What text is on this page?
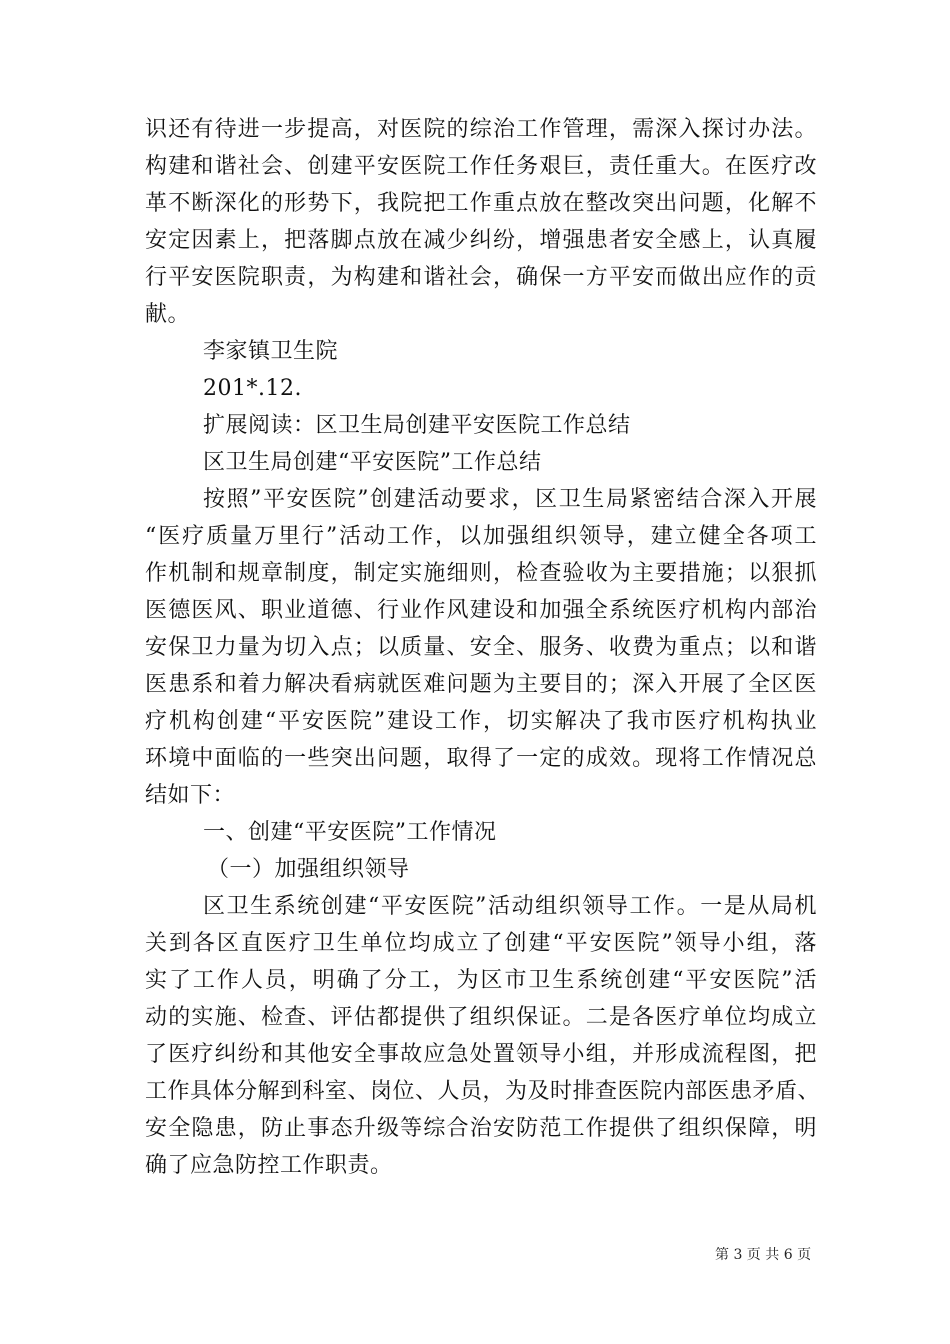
识还有待进一步提高，对医院的综治工作管理，需深入探讨办法。
构建和谐社会、创建平安医院工作任务艰巨，责任重大。在医疗改
革不断深化的形势下，我院把工作重点放在整改突出问题，化解不
安定因素上，把落脚点放在减少纠纷，增强患者安全感上，认真履
行平安医院职责，为构建和谐社会，确保一方平安而做出应作的贡
献。
李家镇卫生院
201*.12.
扩展阅读：区卫生局创建平安医院工作总结
区卫生局创建“平安医院”工作总结
按照”平安医院”创建活动要求，区卫生局紧密结合深入开展
“医疗质量万里行”活动工作，以加强组织领导，建立健全各项工
作机制和规章制度，制定实施细则，检查验收为主要措施；以狠抓
医德医风、职业道德、行业作风建设和加强全系统医疗机构内部治
安保卫力量为切入点；以质量、安全、服务、收费为重点；以和谐
医患系和着力解决看病就医难问题为主要目的；深入开展了全区医
疗机构创建“平安医院”建设工作，切实解决了我市医疗机构执业
环境中面临的一些突出问题，取得了一定的成效。现将工作情况总
结如下：
一、创建“平安医院”工作情况
（一）加强组织领导
区卫生系统创建“平安医院”活动组织领导工作。一是从局机
关到各区直医疗卫生单位均成立了创建“平安医院”领导小组，落
实了工作人员，明确了分工，为区市卫生系统创建“平安医院”活
动的实施、检查、评估都提供了组织保证。二是各医疗单位均成立
了医疗纠纷和其他安全事故应急处置领导小组，并形成流程图，把
工作具体分解到科室、岗位、人员，为及时排查医院内部医患矛盾、
安全隐患，防止事态升级等综合治安防范工作提供了组织保障，明
确了应急防控工作职责。
第 3 页 共 6 页
